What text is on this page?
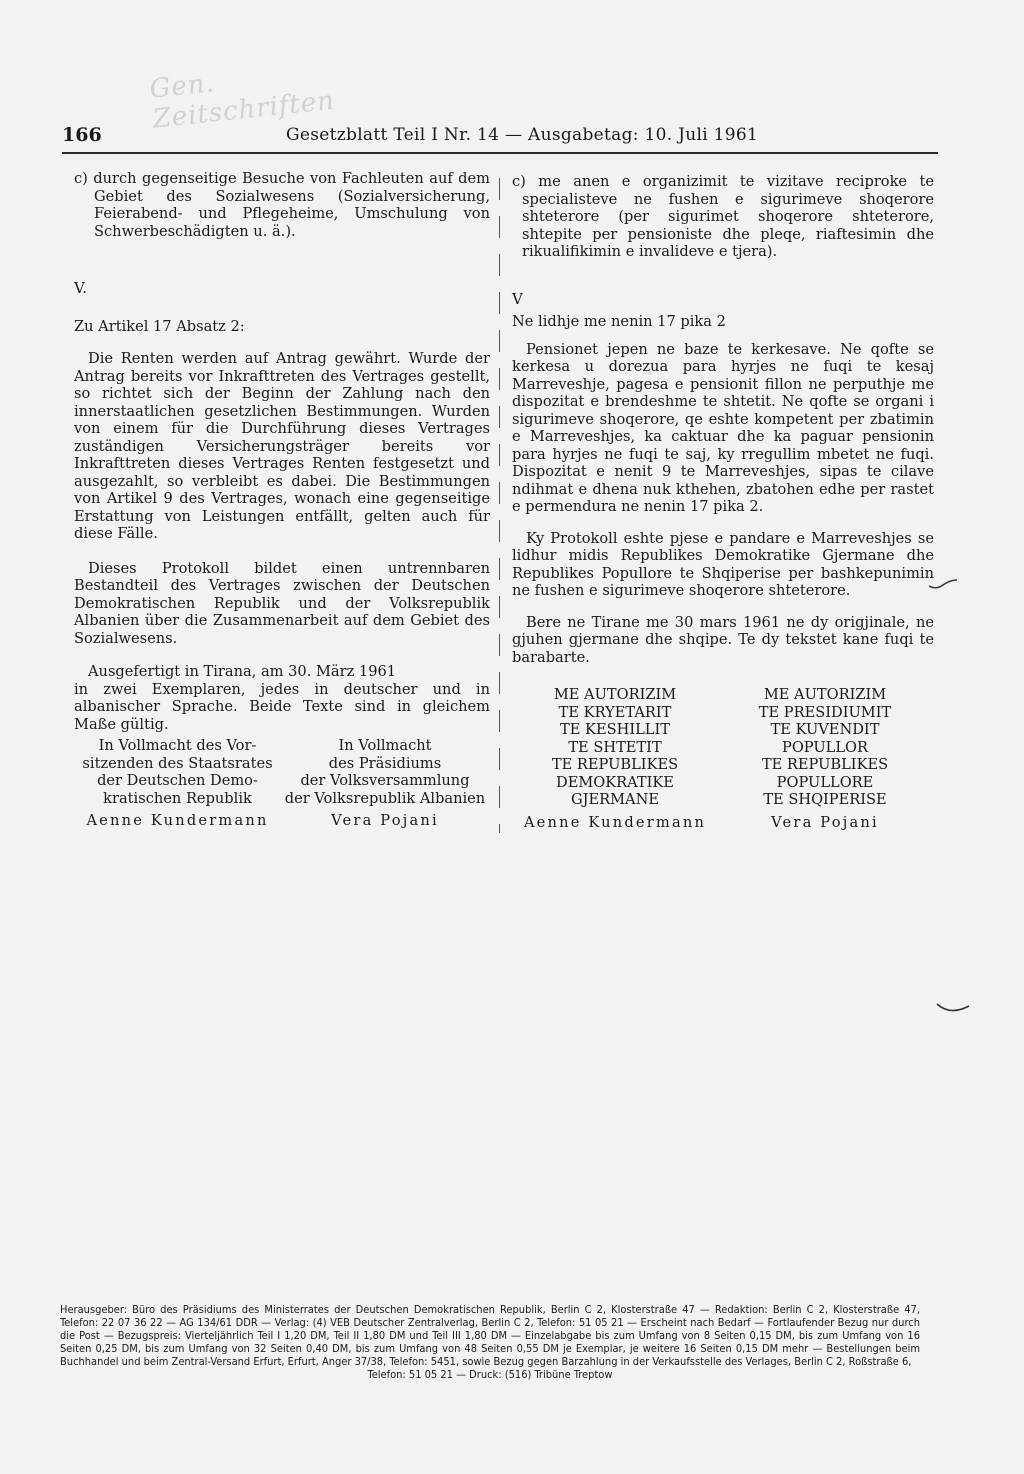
Gen. Zeitschriften
166	Gesetzblatt Teil I Nr. 14 — Ausgabetag: 10. Juli 1961

c) durch gegenseitige Besuche von Fachleuten auf dem Gebiet des Sozialwesens (Sozialversicherung, Feierabend- und Pflegeheime, Umschulung von Schwerbeschädigten u. ä.).

V.

Zu Artikel 17 Absatz 2:

Die Renten werden auf Antrag gewährt. Wurde der Antrag bereits vor Inkrafttreten des Vertrages gestellt, so richtet sich der Beginn der Zahlung nach den innerstaatlichen gesetzlichen Bestimmungen. Wurden von einem für die Durchführung dieses Vertrages zuständigen Versicherungsträger bereits vor Inkrafttreten dieses Vertrages Renten festgesetzt und ausgezahlt, so verbleibt es dabei. Die Bestimmungen von Artikel 9 des Vertrages, wonach eine gegenseitige Erstattung von Leistungen entfällt, gelten auch für diese Fälle.

Dieses Protokoll bildet einen untrennbaren Bestandteil des Vertrages zwischen der Deutschen Demokratischen Republik und der Volksrepublik Albanien über die Zusammenarbeit auf dem Gebiet des Sozialwesens.

Ausgefertigt in Tirana, am 30. März 1961

in zwei Exemplaren, jedes in deutscher und in albanischer Sprache. Beide Texte sind in gleichem Maße gültig.

In Vollmacht des Vor-
sitzenden des Staatsrates
der Deutschen Demo-
kratischen Republik
Aenne Kundermann
In Vollmacht
des Präsidiums
der Volksversammlung
der Volksrepublik Albanien
Vera Pojani

c) me anen e organizimit te vizitave reciproke te specialisteve ne fushen e sigurimeve shoqerore shteterore (per sigurimet shoqerore shteterore, shtepite per pensioniste dhe pleqe, riaftesimin dhe rikualifikimin e invalideve e tjera).

V

Ne lidhje me nenin 17 pika 2

Pensionet jepen ne baze te kerkesave. Ne qofte se kerkesa u dorezua para hyrjes ne fuqi te kesaj Marreveshje, pagesa e pensionit fillon ne perputhje me dispozitat e brendeshme te shtetit. Ne qofte se organi i sigurimeve shoqerore, qe eshte kompetent per zbatimin e Marreveshjes, ka caktuar dhe ka paguar pensionin para hyrjes ne fuqi te saj, ky rregullim mbetet ne fuqi. Dispozitat e nenit 9 te Marreveshjes, sipas te cilave ndihmat e dhena nuk kthehen, zbatohen edhe per rastet e permendura ne nenin 17 pika 2.

Ky Protokoll eshte pjese e pandare e Marreveshjes se lidhur midis Republikes Demokratike Gjermane dhe Republikes Popullore te Shqiperise per bashkepunimin ne fushen e sigurimeve shoqerore shteterore.

Bere ne Tirane me 30 mars 1961 ne dy origjinale, ne gjuhen gjermane dhe shqipe. Te dy tekstet kane fuqi te barabarte.

ME AUTORIZIM
TE KRYETARIT
TE KESHILLIT
TE SHTETIT
TE REPUBLIKES
DEMOKRATIKE
GJERMANE
Aenne Kundermann
ME AUTORIZIM
TE PRESIDIUMIT
TE KUVENDIT
POPULLOR
TE REPUBLIKES
POPULLORE
TE SHQIPERISE
Vera Pojani
Herausgeber: Büro des Präsidiums des Ministerrates der Deutschen Demokratischen Republik, Berlin C 2, Klosterstraße 47 — Redaktion: Berlin C 2, Klosterstraße 47, Telefon: 22 07 36 22 — AG 134/61 DDR — Verlag: (4) VEB Deutscher Zentralverlag, Berlin C 2, Telefon: 51 05 21 — Erscheint nach Bedarf — Fortlaufender Bezug nur durch die Post — Bezugspreis: Vierteljährlich Teil I 1,20 DM, Teil II 1,80 DM und Teil III 1,80 DM — Einzelabgabe bis zum Umfang von 8 Seiten 0,15 DM, bis zum Umfang von 16 Seiten 0,25 DM, bis zum Umfang von 32 Seiten 0,40 DM, bis zum Umfang von 48 Seiten 0,55 DM je Exemplar, je weitere 16 Seiten 0,15 DM mehr — Bestellungen beim Buchhandel und beim Zentral-Versand Erfurt, Erfurt, Anger 37/38, Telefon: 5451, sowie Bezug gegen Barzahlung in der Verkaufsstelle des Verlages, Berlin C 2, Roßstraße 6,
Telefon: 51 05 21 — Druck: (516) Tribüne Treptow
